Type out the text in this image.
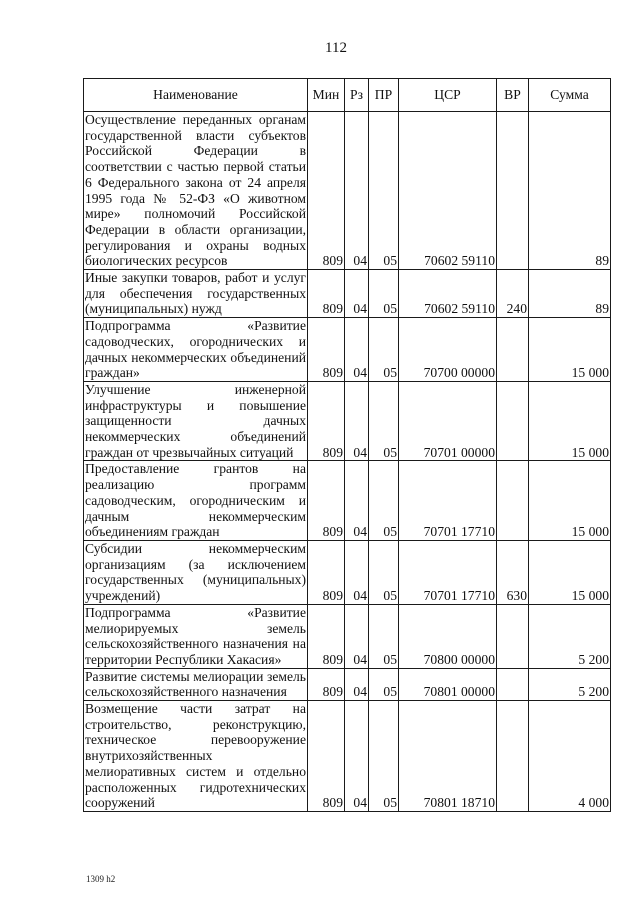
112
Наименование	Мин	Рз	ПР	ЦСР	ВР	Сумма
Осуществление переданных органам государственной власти субъектов Российской Федерации в соответствии с частью первой статьи 6 Федерального закона от 24 апреля 1995 года № 52-ФЗ «О животном мире» полномочий Российской Федерации в области организации, регулирования и охраны водных биологических ресурсов	809	04	05	70602 59110		89
Иные закупки товаров, работ и услуг для обеспечения государственных (муниципальных) нужд	809	04	05	70602 59110	240	89
Подпрограмма «Развитие садоводческих, огороднических и дачных некоммерческих объединений граждан»	809	04	05	70700 00000		15 000
Улучшение инженерной инфраструктуры и повышение защищенности дачных некоммерческих объединений граждан от чрезвычайных ситуаций	809	04	05	70701 00000		15 000
Предоставление грантов на реализацию программ садоводческим, огородническим и дачным некоммерческим объединениям граждан	809	04	05	70701 17710		15 000
Субсидии некоммерческим организациям (за исключением государственных (муниципальных) учреждений)	809	04	05	70701 17710	630	15 000
Подпрограмма «Развитие мелиорируемых земель сельскохозяйственного назначения на территории Республики Хакасия»	809	04	05	70800 00000		5 200
Развитие системы мелиорации земель сельскохозяйственного назначения	809	04	05	70801 00000		5 200
Возмещение части затрат на строительство, реконструкцию, техническое перевооружение внутрихозяйственных мелиоративных систем и отдельно расположенных гидротехнических сооружений	809	04	05	70801 18710		4 000
1309 h2
